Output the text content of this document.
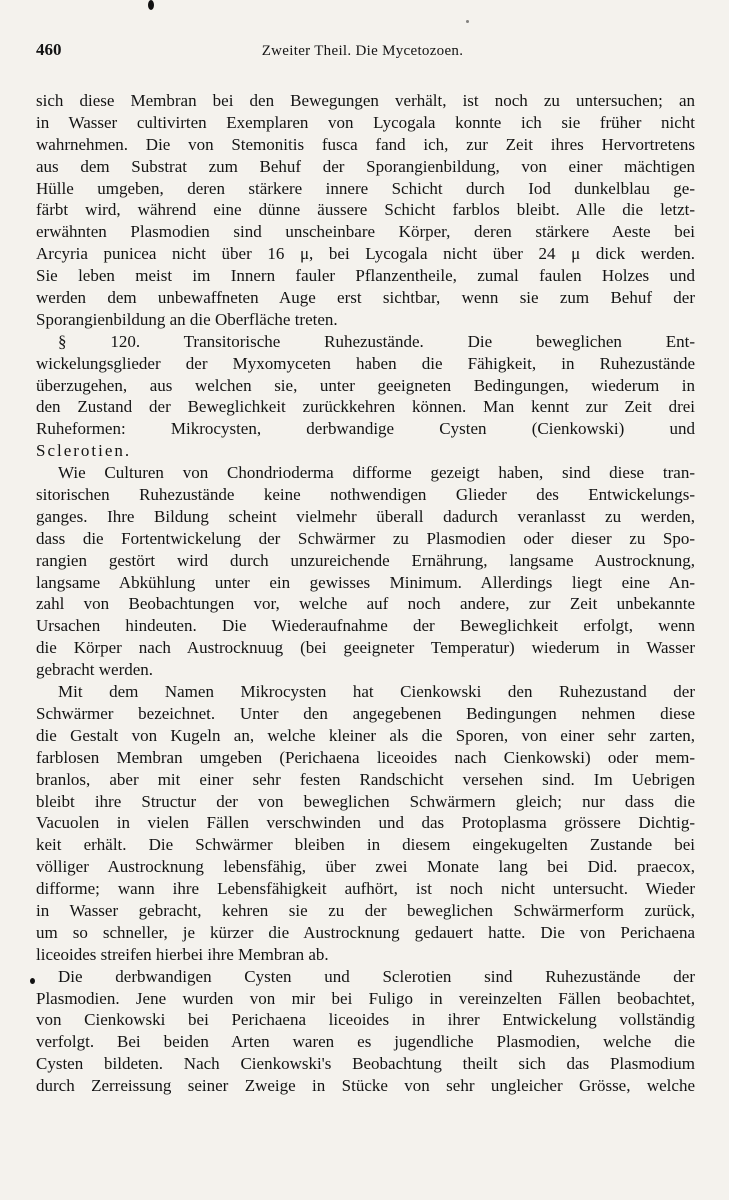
460	Zweiter Theil. Die Mycetozoen.
sich diese Membran bei den Bewegungen verhält, ist noch zu untersuchen; an
in Wasser cultivirten Exemplaren von Lycogala konnte ich sie früher nicht
wahrnehmen. Die von Stemonitis fusca fand ich, zur Zeit ihres Hervortretens
aus dem Substrat zum Behuf der Sporangienbildung, von einer mächtigen
Hülle umgeben, deren stärkere innere Schicht durch Iod dunkelblau ge-
färbt wird, während eine dünne äussere Schicht farblos bleibt. Alle die letzt-
erwähnten Plasmodien sind unscheinbare Körper, deren stärkere Aeste bei
Arcyria punicea nicht über 16 μ, bei Lycogala nicht über 24 μ dick werden.
Sie leben meist im Innern fauler Pflanzentheile, zumal faulen Holzes und
werden dem unbewaffneten Auge erst sichtbar, wenn sie zum Behuf der
Sporangienbildung an die Oberfläche treten.
§ 120. Transitorische Ruhezustände. Die beweglichen Ent-
wickelungsglieder der Myxomyceten haben die Fähigkeit, in Ruhezustände
überzugehen, aus welchen sie, unter geeigneten Bedingungen, wiederum in
den Zustand der Beweglichkeit zurückkehren können. Man kennt zur Zeit drei
Ruheformen: Mikrocysten, derbwandige Cysten (Cienkowski) und
Sclerotien.
Wie Culturen von Chondrioderma difforme gezeigt haben, sind diese tran-
sitorischen Ruhezustände keine nothwendigen Glieder des Entwickelungs-
ganges. Ihre Bildung scheint vielmehr überall dadurch veranlasst zu werden,
dass die Fortentwickelung der Schwärmer zu Plasmodien oder dieser zu Spo-
rangien gestört wird durch unzureichende Ernährung, langsame Austrocknung,
langsame Abkühlung unter ein gewisses Minimum. Allerdings liegt eine An-
zahl von Beobachtungen vor, welche auf noch andere, zur Zeit unbekannte
Ursachen hindeuten. Die Wiederaufnahme der Beweglichkeit erfolgt, wenn
die Körper nach Austrocknuug (bei geeigneter Temperatur) wiederum in Wasser
gebracht werden.
Mit dem Namen Mikrocysten hat Cienkowski den Ruhezustand der
Schwärmer bezeichnet. Unter den angegebenen Bedingungen nehmen diese
die Gestalt von Kugeln an, welche kleiner als die Sporen, von einer sehr zarten,
farblosen Membran umgeben (Perichaena liceoides nach Cienkowski) oder mem-
branlos, aber mit einer sehr festen Randschicht versehen sind. Im Uebrigen
bleibt ihre Structur der von beweglichen Schwärmern gleich; nur dass die
Vacuolen in vielen Fällen verschwinden und das Protoplasma grössere Dichtig-
keit erhält. Die Schwärmer bleiben in diesem eingekugelten Zustande bei
völliger Austrocknung lebensfähig, über zwei Monate lang bei Did. praecox,
difforme; wann ihre Lebensfähigkeit aufhört, ist noch nicht untersucht. Wieder
in Wasser gebracht, kehren sie zu der beweglichen Schwärmerform zurück,
um so schneller, je kürzer die Austrocknung gedauert hatte. Die von Perichaena
liceoides streifen hierbei ihre Membran ab.
Die derbwandigen Cysten und Sclerotien sind Ruhezustände der
Plasmodien. Jene wurden von mir bei Fuligo in vereinzelten Fällen beobachtet,
von Cienkowski bei Perichaena liceoides in ihrer Entwickelung vollständig
verfolgt. Bei beiden Arten waren es jugendliche Plasmodien, welche die
Cysten bildeten. Nach Cienkowski's Beobachtung theilt sich das Plasmodium
durch Zerreissung seiner Zweige in Stücke von sehr ungleicher Grösse, welche
